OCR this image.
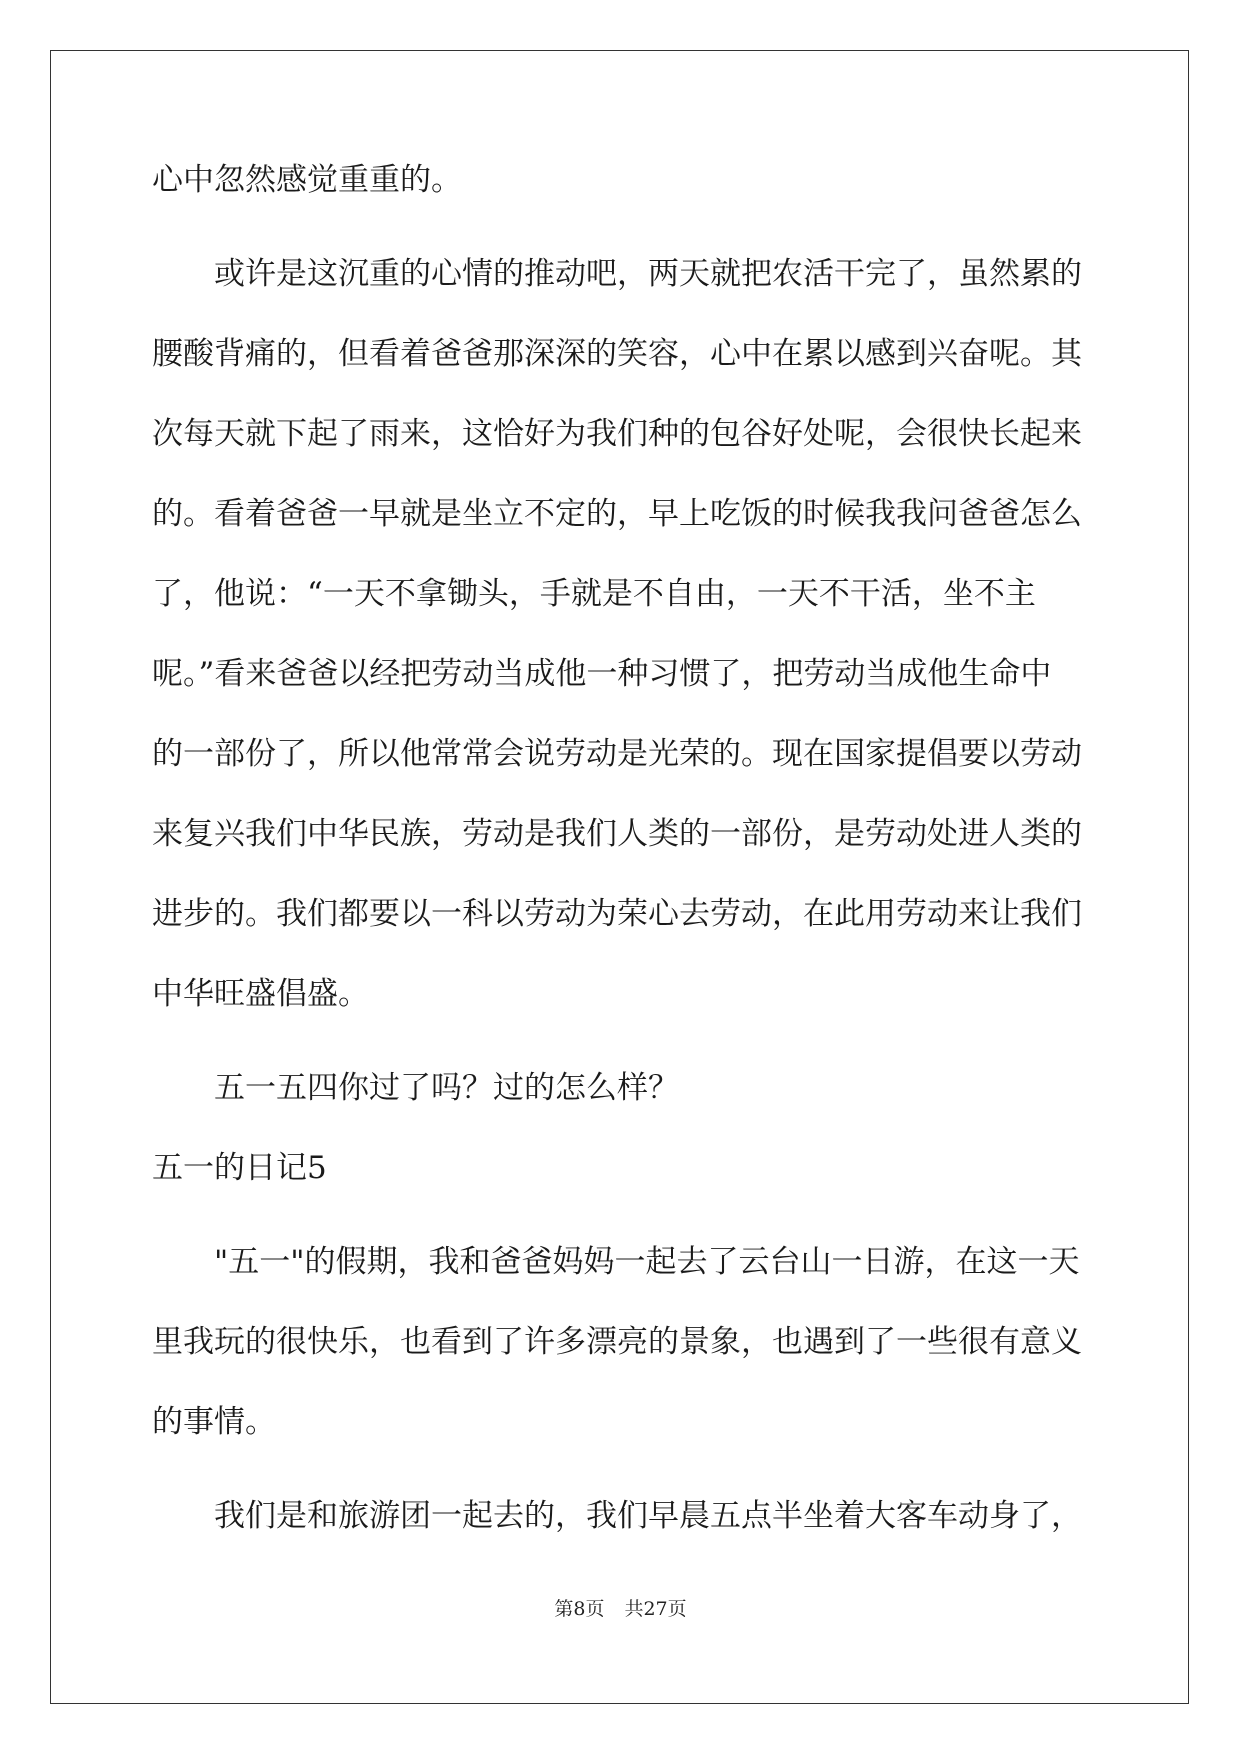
心中忽然感觉重重的。
或许是这沉重的心情的推动吧，两天就把农活干完了，虽然累的
腰酸背痛的，但看着爸爸那深深的笑容，心中在累以感到兴奋呢。其
次每天就下起了雨来，这恰好为我们种的包谷好处呢，会很快长起来
的。看着爸爸一早就是坐立不定的，早上吃饭的时候我我问爸爸怎么
了，他说：“一天不拿锄头，手就是不自由，一天不干活，坐不主
呢。”看来爸爸以经把劳动当成他一种习惯了，把劳动当成他生命中
的一部份了，所以他常常会说劳动是光荣的。现在国家提倡要以劳动
来复兴我们中华民族，劳动是我们人类的一部份，是劳动处进人类的
进步的。我们都要以一科以劳动为荣心去劳动，在此用劳动来让我们
中华旺盛倡盛。
五一五四你过了吗？过的怎么样？
五一的日记5
"五一"的假期，我和爸爸妈妈一起去了云台山一日游，在这一天
里我玩的很快乐，也看到了许多漂亮的景象，也遇到了一些很有意义
的事情。
我们是和旅游团一起去的，我们早晨五点半坐着大客车动身了，
第8页 共27页
